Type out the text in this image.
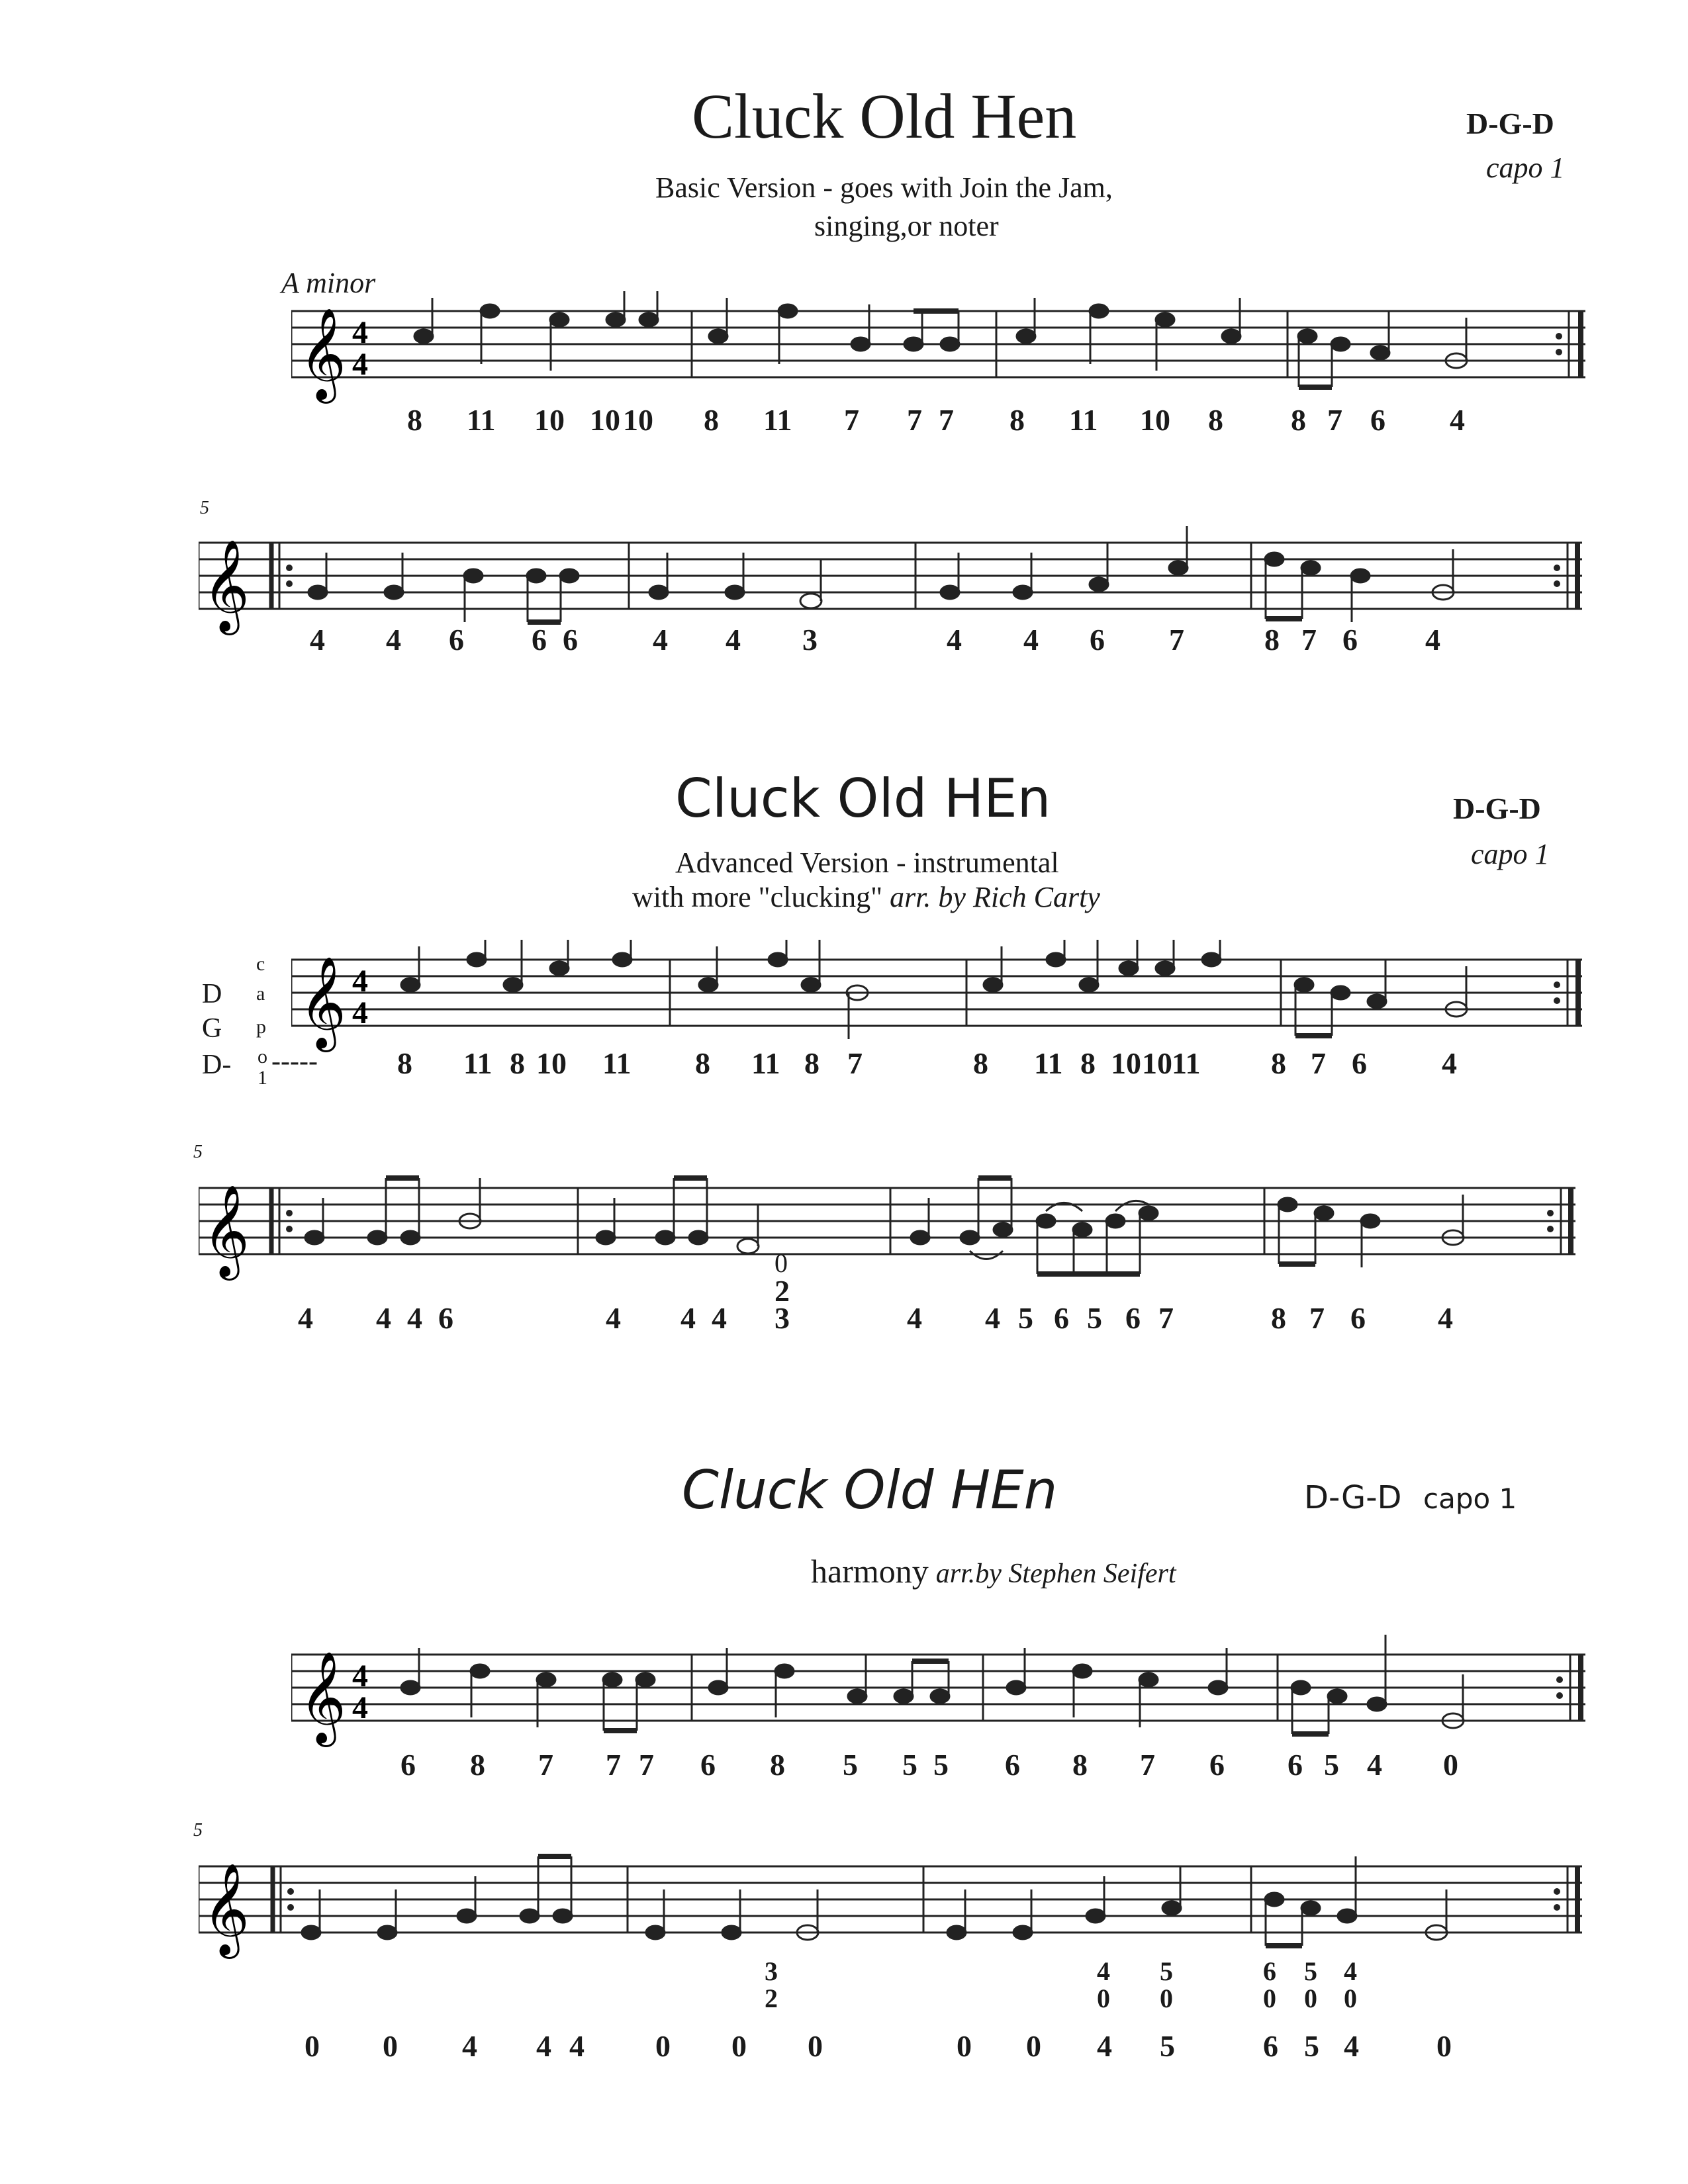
Cluck Old Hen	D-G-D
capo 1
Basic Version - goes with Join the Jam,
singing,or noter
A minor
𝄞 4
4
8 11 10 10 10 8 11 7 7 7 8 11 10 8 8 7 6 4
5
𝄞
4 4 6 6 6 4 4 3	4 4 6 7	8 7 6 4
Cluck Old HEn	D-G-D
capo 1
Advanced Version - instrumental
with more "clucking" arr. by Rich Carty
D
G
D-
c
a
p
o
1
-----
𝄞 4
4
8 11 8 10 11 8 11 8 7	8 11 8 10 10 11 8 7 6 4
5
𝄞	0
2
4 4 4 6	4 4 4 3	4 4 5 6 5 6 7	8 7 6 4
Cluck Old HEn	D-G-D capo 1
harmony arr.by Stephen Seifert
𝄞 4
4
6 8 7 7 7 6 8 5 5 5 6 8 7 6 6 5 4 0
5
𝄞
3
2
4
0
5
0
6
0
5
0
4
0
0 0 4 4 4 0 0 0	0 0 4 5	6 5 4	0
